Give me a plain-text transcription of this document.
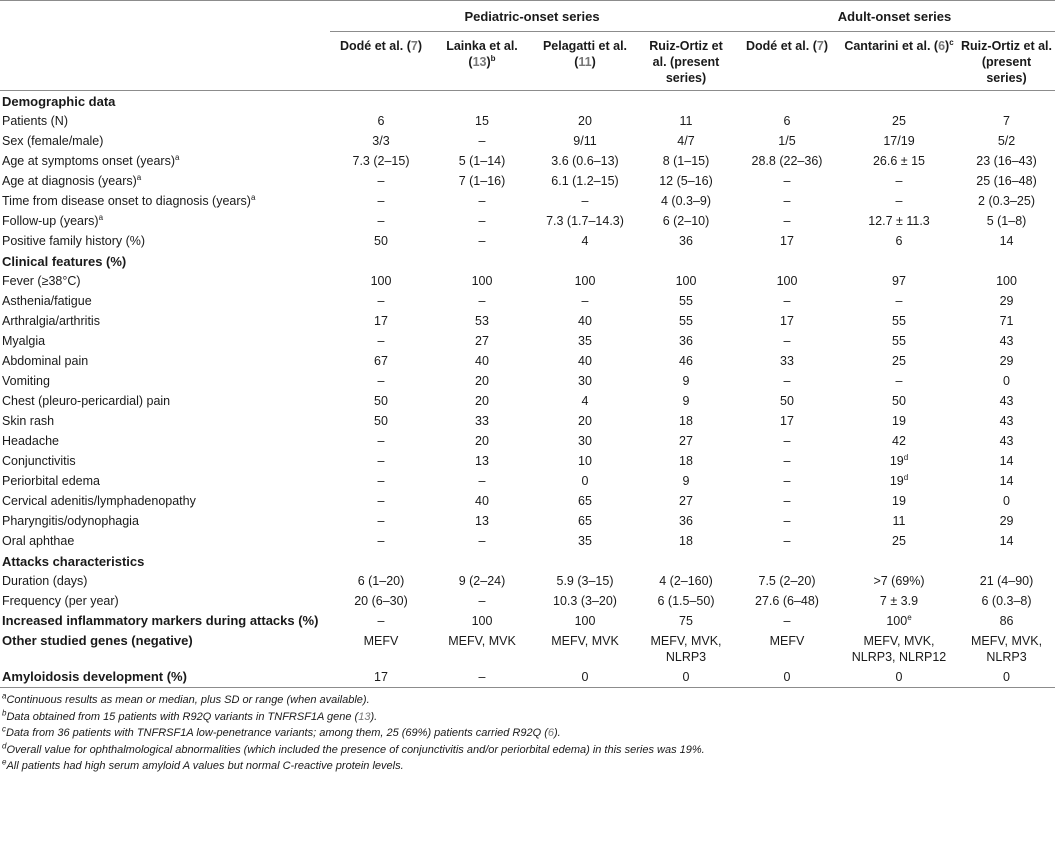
	Pediatric-onset series				Adult-onset series		
	Dodé et al. (7)	Lainka et al. $(13)^b$	Pelagatti et al. (11)	Ruiz-Ortiz et al. (present series)	Dodé et al. (7)	Cantarini et al. $(6)^c$	Ruiz-Ortiz et al. (present series)
Demographic data							
Patients (N)	6	15	20	11	6	25	7
Sex (female/male)	3/3	–	9/11	4/7	1/5	17/19	5/2
Age at symptoms onset (years)$^a$	7.3 (2–15)	5 (1–14)	3.6 (0.6–13)	8 (1–15)	28.8 (22–36)	26.6 ± 15	23 (16–43)
Age at diagnosis (years)$^a$	–	7 (1–16)	6.1 (1.2–15)	12 (5–16)	–	–	25 (16–48)
Time from disease onset to diagnosis (years)$^a$	–	–	–	4 (0.3–9)	–	–	2 (0.3–25)
Follow-up (years)$^a$	–	–	7.3 (1.7–14.3)	6 (2–10)	–	12.7 ± 11.3	5 (1–8)
Positive family history (%)	50	–	4	36	17	6	14
Clinical features (%)							
Fever (≥38°C)	100	100	100	100	100	97	100
Asthenia/fatigue	–	–	–	55	–	–	29
Arthralgia/arthritis	17	53	40	55	17	55	71
Myalgia	–	27	35	36	–	55	43
Abdominal pain	67	40	40	46	33	25	29
Vomiting	–	20	30	9	–	–	0
Chest (pleuro-pericardial) pain	50	20	4	9	50	50	43
Skin rash	50	33	20	18	17	19	43
Headache	–	20	30	27	–	42	43
Conjunctivitis	–	13	10	18	–	19$^d$	14
Periorbital edema	–	–	0	9	–	19$^d$	14
Cervical adenitis/lymphadenopathy	–	40	65	27	–	19	0
Pharyngitis/odynophagia	–	13	65	36	–	11	29
Oral aphthae	–	–	35	18	–	25	14
Attacks characteristics							
Duration (days)	6 (1–20)	9 (2–24)	5.9 (3–15)	4 (2–160)	7.5 (2–20)	>7 (69%)	21 (4–90)
Frequency (per year)	20 (6–30)	–	10.3 (3–20)	6 (1.5–50)	27.6 (6–48)	7 ± 3.9	6 (0.3–8)
Increased inflammatory markers during attacks (%)	–	100	100	75	–	100e	86
Other studied genes (negative)	MEFV	MEFV, MVK	MEFV, MVK	MEFV, MVK, NLRP3	MEFV	MEFV, MVK, NLRP3, NLRP12	MEFV, MVK, NLRP3
Amyloidosis development (%)	17	–	0	0	0	0	0
$^a$Continuous results as mean or median, plus SD or range (when available).
$^b$Data obtained from 15 patients with R92Q variants in TNFRSF1A gene (13).
$^c$Data from 36 patients with TNFRSF1A low-penetrance variants; among them, 25 (69%) patients carried R92Q (6).
$^d$Overall value for ophthalmological abnormalities (which included the presence of conjunctivitis and/or periorbital edema) in this series was 19%.
$^e$All patients had high serum amyloid A values but normal C-reactive protein levels.
